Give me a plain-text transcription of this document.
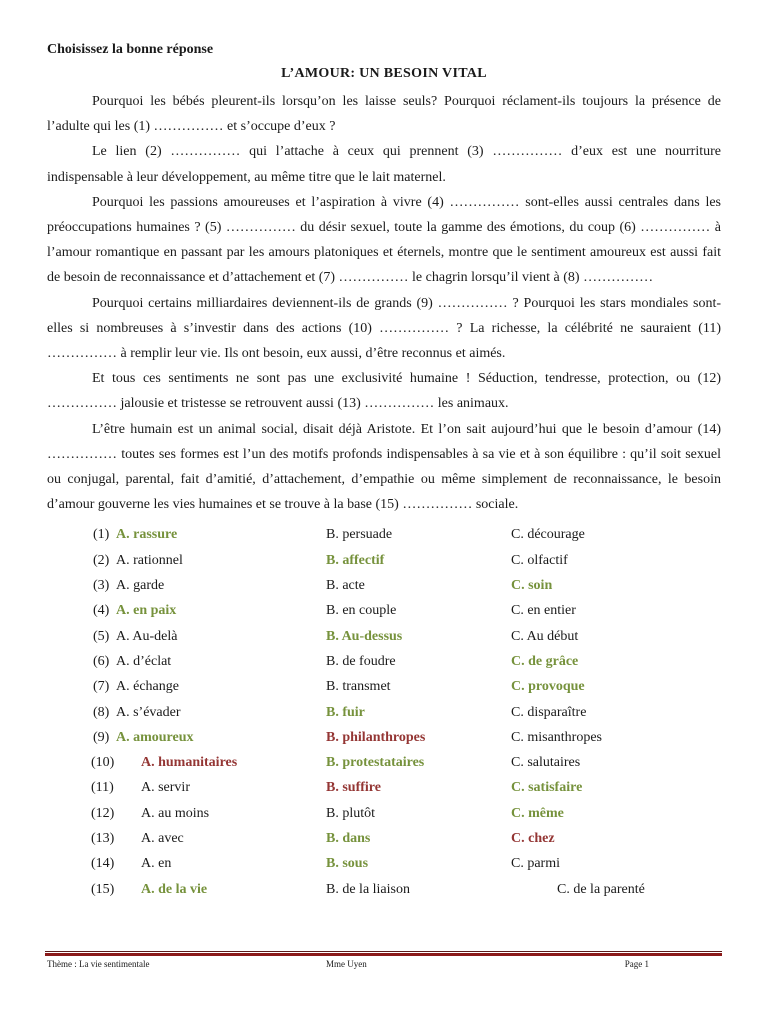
Choisissez la bonne réponse

L’AMOUR: UN BESOIN VITAL

Pourquoi les bébés pleurent-ils lorsqu’on les laisse seuls? Pourquoi réclament-ils toujours la présence de l’adulte qui les (1) …………… et s’occupe d’eux ?

Le lien (2) …………… qui l’attache à ceux qui prennent (3) …………… d’eux est une nourriture indispensable à leur développement, au même titre que le lait maternel.

Pourquoi les passions amoureuses et l’aspiration à vivre (4) …………… sont-elles aussi centrales dans les préoccupations humaines ? (5) …………… du désir sexuel, toute la gamme des émotions, du coup (6) …………… à l’amour romantique en passant par les amours platoniques et éternels, montre que le sentiment amoureux est aussi fait de besoin de reconnaissance et d’attachement et (7) …………… le chagrin lorsqu’il vient à (8) ……………

Pourquoi certains milliardaires deviennent-ils de grands (9) …………… ? Pourquoi les stars mondiales sont-elles si nombreuses à s’investir dans des actions (10) …………… ? La richesse, la célébrité ne sauraient (11) …………… à remplir leur vie. Ils ont besoin, eux aussi, d’être reconnus et aimés.

Et tous ces sentiments ne sont pas une exclusivité humaine ! Séduction, tendresse, protection, ou (12) …………… jalousie et tristesse se retrouvent aussi (13) …………… les animaux.

L’être humain est un animal social, disait déjà Aristote. Et l’on sait aujourd’hui que le besoin d’amour (14) …………… toutes ses formes est l’un des motifs profonds indispensables à sa vie et à son équilibre : qu’il soit sexuel ou conjugal, parental, fait d’amitié, d’attachement, d’empathie ou même simplement de reconnaissance, le besoin d’amour gouverne les vies humaines et se trouve à la base (15) …………… sociale.

(1) A. rassure	B. persuade	C. décourage
(2) A. rationnel	B. affectif	C. olfactif
(3) A. garde	B. acte	C. soin
(4) A. en paix	B. en couple	C. en entier
(5) A. Au-delà	B. Au-dessus	C. Au début
(6) A. d’éclat	B. de foudre	C. de grâce
(7) A. échange	B. transmet	C. provoque
(8) A. s’évader	B. fuir	C. disparaître
(9) A. amoureux	B. philanthropes	C. misanthropes
(10) A. humanitaires	B. protestataires	C. salutaires
(11) A. servir	B. suffire	C. satisfaire
(12) A. au moins	B. plutôt	C. même
(13) A. avec	B. dans	C. chez
(14) A. en	B. sous	C. parmi
(15) A. de la vie	B. de la liaison	C. de la parenté
Thème : La vie sentimentale	Mme Uyen	Page 1
